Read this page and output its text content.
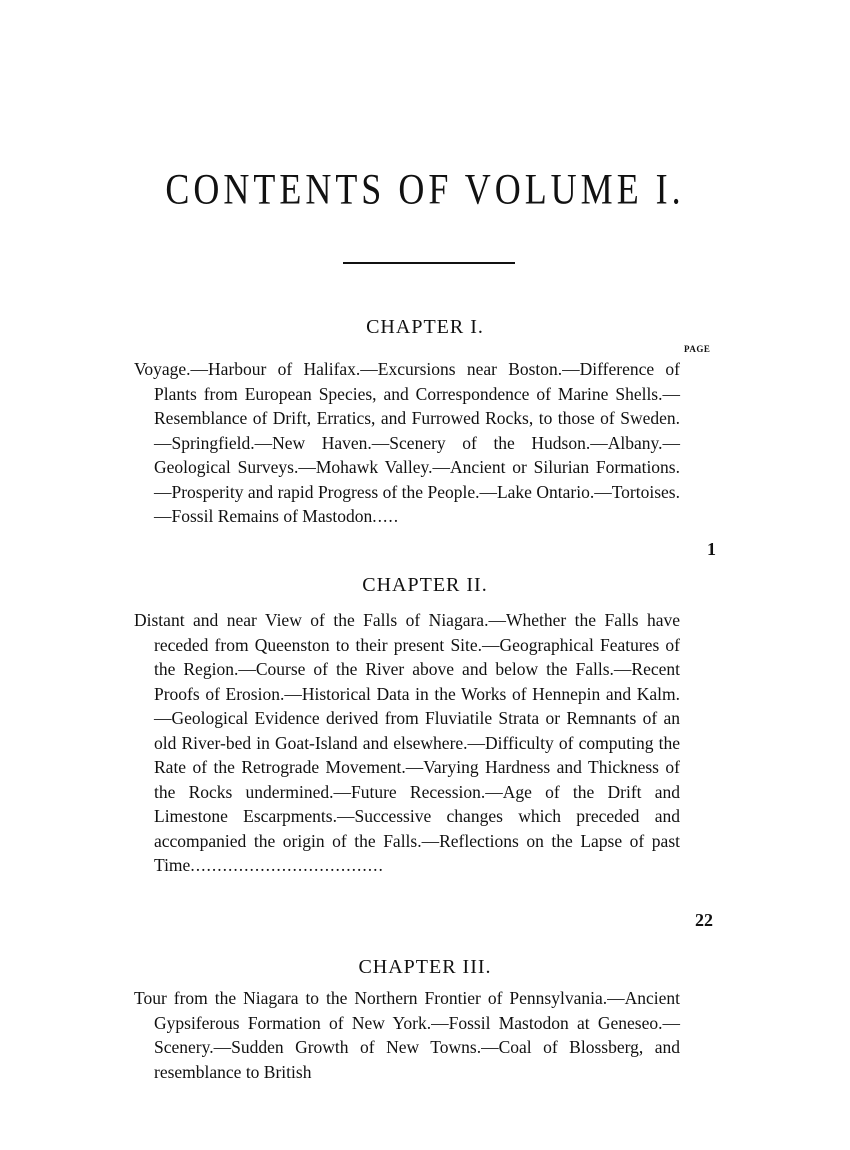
CONTENTS OF VOLUME I.
CHAPTER I.
PAGE

Voyage.—Harbour of Halifax.—Excursions near Boston.—Difference of Plants from European Species, and Correspondence of Marine Shells.—Resemblance of Drift, Erratics, and Furrowed Rocks, to those of Sweden.—Springfield.—New Haven.—Scenery of the Hudson.—Albany.—Geological Surveys.—Mohawk Valley.—Ancient or Silurian Formations.—Prosperity and rapid Progress of the People.—Lake Ontario.—Tortoises.—Fossil Remains of Mastodon.....

1
CHAPTER II.

Distant and near View of the Falls of Niagara.—Whether the Falls have receded from Queenston to their present Site.—Geographical Features of the Region.—Course of the River above and below the Falls.—Recent Proofs of Erosion.—Historical Data in the Works of Hennepin and Kalm.—Geological Evidence derived from Fluviatile Strata or Remnants of an old River-bed in Goat-Island and elsewhere.—Difficulty of computing the Rate of the Retrograde Movement.—Varying Hardness and Thickness of the Rocks undermined.—Future Recession.—Age of the Drift and Limestone Escarpments.—Successive changes which preceded and accompanied the origin of the Falls.—Reflections on the Lapse of past Time....................................

22
CHAPTER III.

Tour from the Niagara to the Northern Frontier of Pennsylvania.—Ancient Gypsiferous Formation of New York.—Fossil Mastodon at Geneseo.—Scenery.—Sudden Growth of New Towns.—Coal of Blossberg, and resemblance to British
